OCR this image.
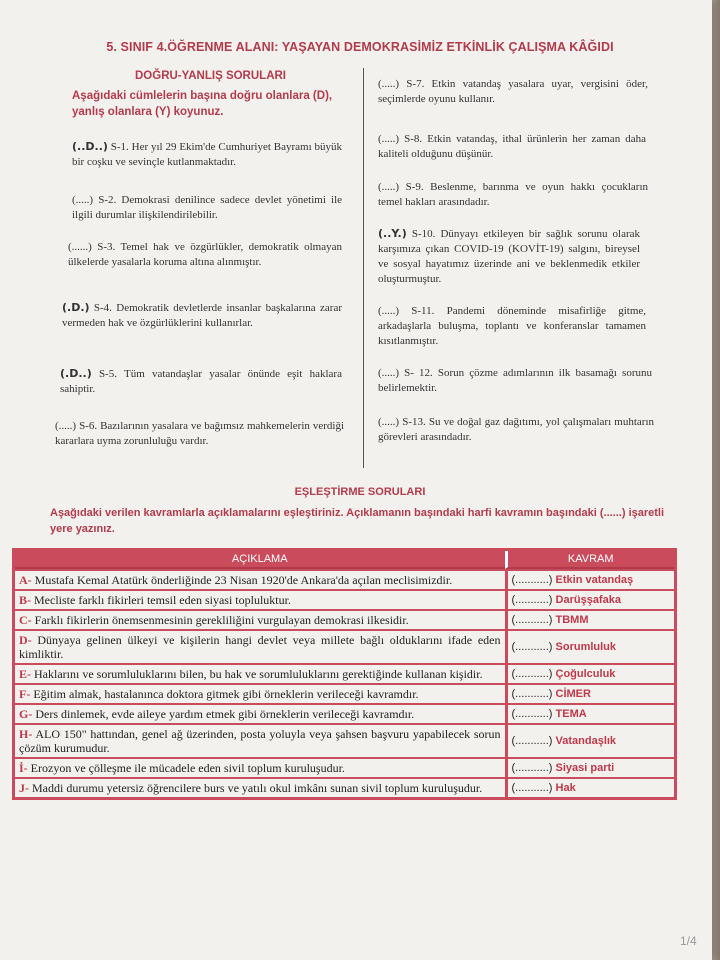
5. SINIF 4.ÖĞRENME ALANI: YAŞAYAN DEMOKRASİMİZ ETKİNLİK ÇALIŞMA KÂĞIDI
DOĞRU-YANLIŞ SORULARI
Aşağıdaki cümlelerin başına doğru olanlara (D), yanlış olanlara (Y) koyunuz.
(..D..) S-1. Her yıl 29 Ekim'de Cumhuriyet Bayramı büyük bir coşku ve sevinçle kutlanmaktadır.
(.....) S-2. Demokrasi denilince sadece devlet yönetimi ile ilgili durumlar ilişkilendirilebilir.
(......) S-3. Temel hak ve özgürlükler, demokratik olmayan ülkelerde yasalarla koruma altına alınmıştır.
(.D.) S-4. Demokratik devletlerde insanlar başkalarına zarar vermeden hak ve özgürlüklerini kullanırlar.
(.D..) S-5. Tüm vatandaşlar yasalar önünde eşit haklara sahiptir.
(.....) S-6. Bazılarının yasalara ve bağımsız mahkemelerin verdiği kararlara uyma zorunluluğu vardır.
(.....) S-7. Etkin vatandaş yasalara uyar, vergisini öder, seçimlerde oyunu kullanır.
(.....) S-8. Etkin vatandaş, ithal ürünlerin her zaman daha kaliteli olduğunu düşünür.
(.....) S-9. Beslenme, barınma ve oyun hakkı çocukların temel hakları arasındadır.
(..Y.) S-10. Dünyayı etkileyen bir sağlık sorunu olarak karşımıza çıkan COVID-19 (KOVİT-19) salgını, bireysel ve sosyal hayatımız üzerinde ani ve beklenmedik etkiler oluşturmuştur.
(.....) S-11. Pandemi döneminde misafirliğe gitme, arkadaşlarla buluşma, toplantı ve konferanslar tamamen kısıtlanmıştır.
(.....) S- 12. Sorun çözme adımlarının ilk basamağı sorunu belirlemektir.
(.....) S-13. Su ve doğal gaz dağıtımı, yol çalışmaları muhtarın görevleri arasındadır.
EŞLEŞTİRME SORULARI
Aşağıdaki verilen kavramlarla açıklamalarını eşleştiriniz. Açıklamanın başındaki harfi kavramın başındaki (......) işaretli yere yazınız.
AÇIKLAMA	KAVRAM
A- Mustafa Kemal Atatürk önderliğinde 23 Nisan 1920'de Ankara'da açılan meclisimizdir.	(...........) Etkin vatandaş
B- Mecliste farklı fikirleri temsil eden siyasi topluluktur.	(...........) Darüşşafaka
C- Farklı fikirlerin önemsenmesinin gerekliliğini vurgulayan demokrasi ilkesidir.	(...........) TBMM
D- Dünyaya gelinen ülkeyi ve kişilerin hangi devlet veya millete bağlı olduklarını ifade eden kimliktir.	(...........) Sorumluluk
E- Haklarını ve sorumluluklarını bilen, bu hak ve sorumluluklarını gerektiğinde kullanan kişidir.	(...........) Çoğulculuk
F- Eğitim almak, hastalanınca doktora gitmek gibi örneklerin verileceği kavramdır.	(...........) CİMER
G- Ders dinlemek, evde aileye yardım etmek gibi örneklerin verileceği kavramdır.	(...........) TEMA
H- ALO 150" hattından, genel ağ üzerinden, posta yoluyla veya şahsen başvuru yapabilecek sorun çözüm kurumudur.	(...........) Vatandaşlık
İ- Erozyon ve çölleşme ile mücadele eden sivil toplum kuruluşudur.	(...........) Siyasi parti
J- Maddi durumu yetersiz öğrencilere burs ve yatılı okul imkânı sunan sivil toplum kuruluşudur.	(...........) Hak
1/4
